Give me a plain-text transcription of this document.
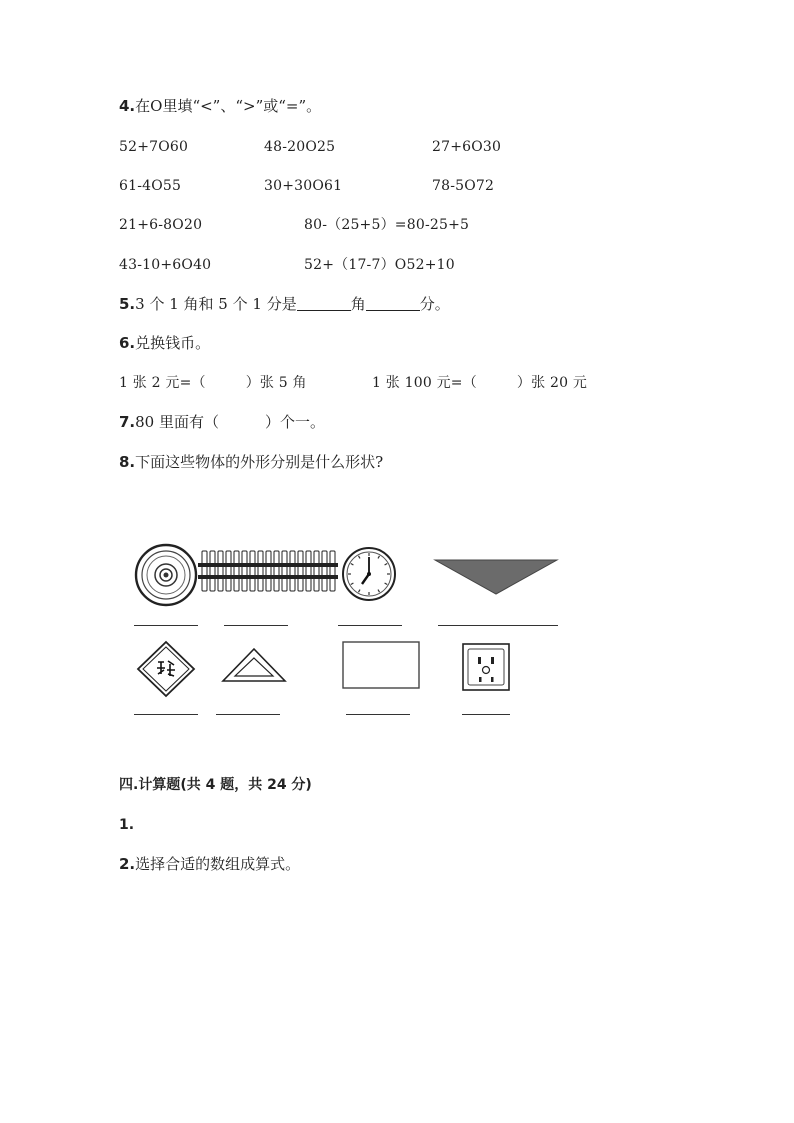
4.在O里填“<”、“>”或“=”。
52+7O60	48-20O25	27+6O30
61-4O55	30+30O61	78-5O72
21+6-8O20	80-（25+5）=80-25+5
43-10+6O40	52+（17-7）O52+10
5.3 个 1 角和 5 个 1 分是	角	分。
6.兑换钱币。
1 张 2 元=（	）张 5 角	1 张 100 元=（	）张 20 元
7.80 里面有（	）个一。
8.下面这些物体的外形分别是什么形状?
四.计算题(共 4 题，共 24 分)
1.
2.选择合适的数组成算式。
